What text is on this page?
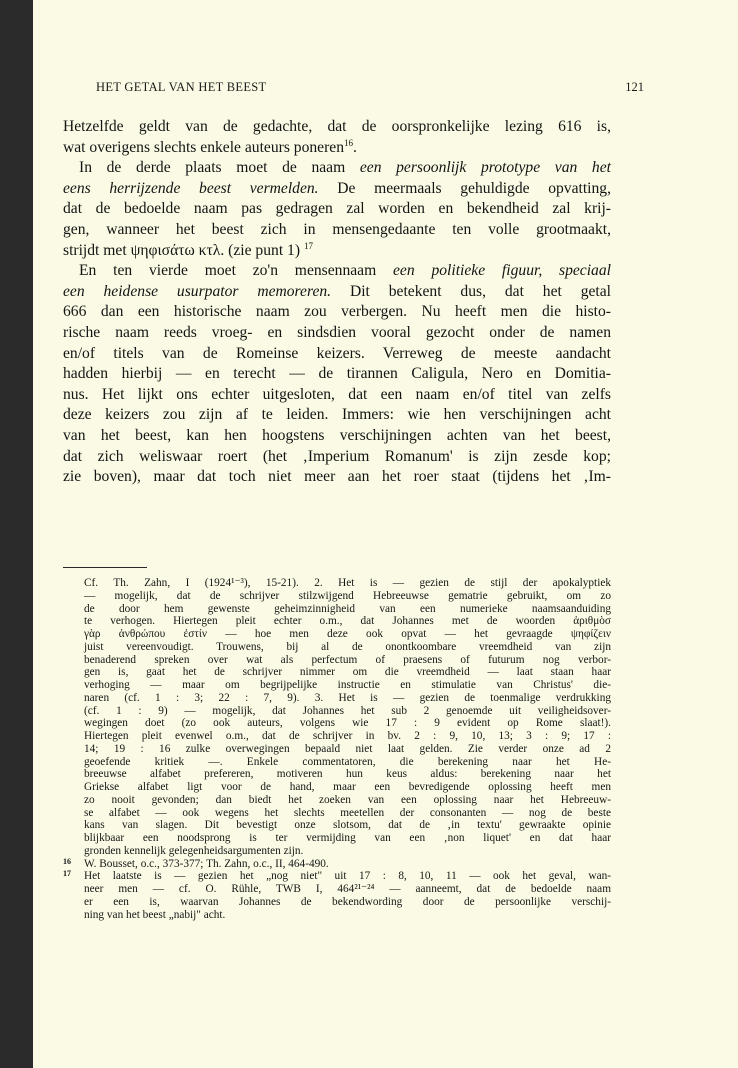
HET GETAL VAN HET BEEST	121
Hetzelfde geldt van de gedachte, dat de oorspronkelijke lezing 616 is,
wat overigens slechts enkele auteurs poneren$^{16}$.
In de derde plaats moet de naam een persoonlijk prototype van het
eens herrijzende beest vermelden. De meermaals gehuldigde opvatting,
dat de bedoelde naam pas gedragen zal worden en bekendheid zal krij-
gen, wanneer het beest zich in mensengedaante ten volle grootmaakt,
strijdt met ψηφισάτω κτλ. (zie punt 1) $^{17}$
En ten vierde moet zo'n mensennaam een politieke figuur, speciaal
een heidense usurpator memoreren. Dit betekent dus, dat het getal
666 dan een historische naam zou verbergen. Nu heeft men die histo-
rische naam reeds vroeg- en sindsdien vooral gezocht onder de namen
en/of titels van de Romeinse keizers. Verreweg de meeste aandacht
hadden hierbij — en terecht — de tirannen Caligula, Nero en Domitia-
nus. Het lijkt ons echter uitgesloten, dat een naam en/of titel van zelfs
deze keizers zou zijn af te leiden. Immers: wie hen verschijningen acht
van het beest, kan hen hoogstens verschijningen achten van het beest,
dat zich weliswaar roert (het ‚Imperium Romanum' is zijn zesde kop;
zie boven), maar dat toch niet meer aan het roer staat (tijdens het ‚Im-
Cf. Th. Zahn, I (1924¹⁻³), 15-21). 2. Het is — gezien de stijl der apokalyptiek
— mogelijk, dat de schrijver stilzwijgend Hebreeuwse gematrie gebruikt, om zo
de door hem gewenste geheimzinnigheid van een numerieke naamsaanduiding
te verhogen. Hiertegen pleit echter o.m., dat Johannes met de woorden ἀριθμὸσ
γὰρ ἀνθρώπου ἐστίν — hoe men deze ook opvat — het gevraagde ψηφίζειν
juist vereenvoudigt. Trouwens, bij al de onontkoombare vreemdheid van zijn
benaderend spreken over wat als perfectum of praesens of futurum nog verbor-
gen is, gaat het de schrijver nimmer om die vreemdheid — laat staan haar
verhoging — maar om begrijpelijke instructie en stimulatie van Christus' die-
naren (cf. 1 : 3; 22 : 7, 9). 3. Het is — gezien de toenmalige verdrukking
(cf. 1 : 9) — mogelijk, dat Johannes het sub 2 genoemde uit veiligheidsover-
wegingen doet (zo ook auteurs, volgens wie 17 : 9 evident op Rome slaat!).
Hiertegen pleit evenwel o.m., dat de schrijver in bv. 2 : 9, 10, 13; 3 : 9; 17 :
14; 19 : 16 zulke overwegingen bepaald niet laat gelden. Zie verder onze ad 2
geoefende kritiek —. Enkele commentatoren, die berekening naar het He-
breeuwse alfabet prefereren, motiveren hun keus aldus: berekening naar het
Griekse alfabet ligt voor de hand, maar een bevredigende oplossing heeft men
zo nooit gevonden; dan biedt het zoeken van een oplossing naar het Hebreeuw-
se alfabet — ook wegens het slechts meetellen der consonanten — nog de beste
kans van slagen. Dit bevestigt onze slotsom, dat de ‚in textu' gewraakte opinie
blijkbaar een noodsprong is ter vermijding van een ‚non liquet' en dat haar
gronden kennelijk gelegenheidsargumenten zijn.
16	W. Bousset, o.c., 373-377; Th. Zahn, o.c., II, 464-490.
17	Het laatste is — gezien het „nog niet" uit 17 : 8, 10, 11 — ook het geval, wan-
neer men — cf. O. Rühle, TWB I, 464²¹⁻²⁴ — aanneemt, dat de bedoelde naam
er een is, waarvan Johannes de bekendwording door de persoonlijke verschij-
ning van het beest „nabij" acht.
